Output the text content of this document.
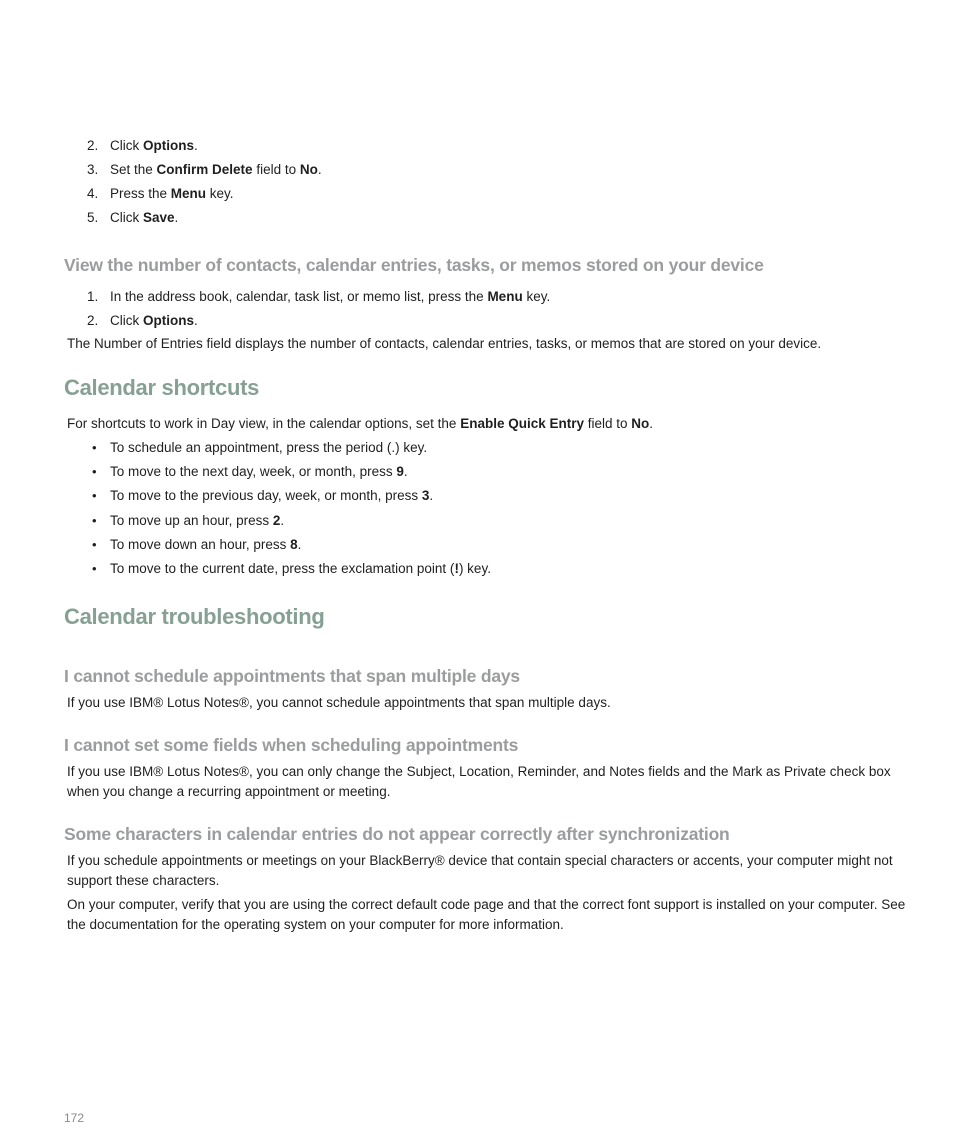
2. Click Options.
3. Set the Confirm Delete field to No.
4. Press the Menu key.
5. Click Save.
View the number of contacts, calendar entries, tasks, or memos stored on your device
1. In the address book, calendar, task list, or memo list, press the Menu key.
2. Click Options.
The Number of Entries field displays the number of contacts, calendar entries, tasks, or memos that are stored on your device.
Calendar shortcuts
For shortcuts to work in Day view, in the calendar options, set the Enable Quick Entry field to No.
• To schedule an appointment, press the period (.) key.
• To move to the next day, week, or month, press 9.
• To move to the previous day, week, or month, press 3.
• To move up an hour, press 2.
• To move down an hour, press 8.
• To move to the current date, press the exclamation point (!) key.
Calendar troubleshooting
I cannot schedule appointments that span multiple days
If you use IBM® Lotus Notes®, you cannot schedule appointments that span multiple days.
I cannot set some fields when scheduling appointments
If you use IBM® Lotus Notes®, you can only change the Subject, Location, Reminder, and Notes fields and the Mark as Private check box when you change a recurring appointment or meeting.
Some characters in calendar entries do not appear correctly after synchronization
If you schedule appointments or meetings on your BlackBerry® device that contain special characters or accents, your computer might not support these characters.
On your computer, verify that you are using the correct default code page and that the correct font support is installed on your computer. See the documentation for the operating system on your computer for more information.
172
